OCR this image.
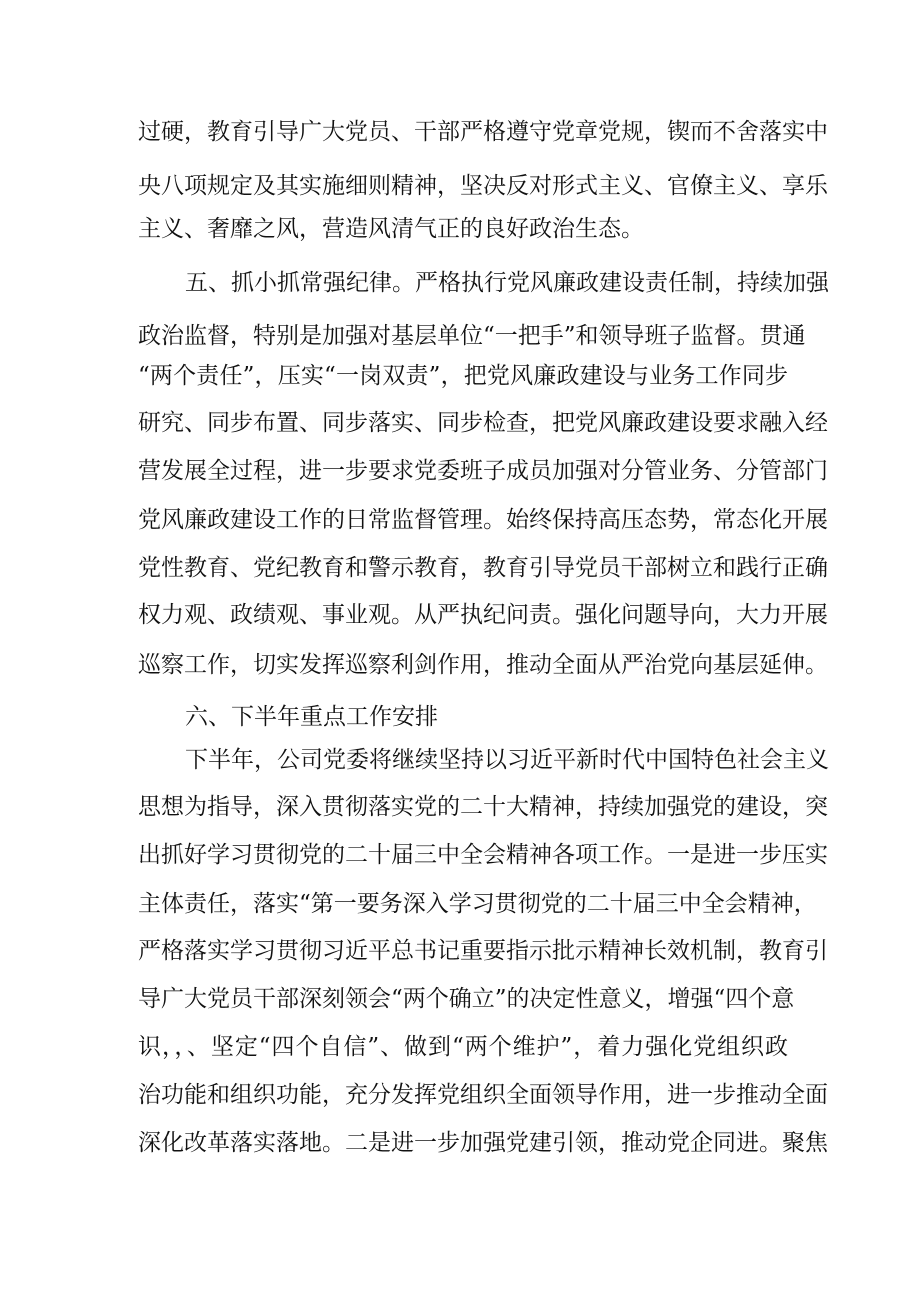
过硬，教育引导广大党员、干部严格遵守党章党规，锲而不舍落实中

央八项规定及其实施细则精神，坚决反对形式主义、官僚主义、享乐

主义、奢靡之风，营造风清气正的良好政治生态。

五、抓小抓常强纪律。严格执行党风廉政建设责任制，持续加强

政治监督，特别是加强对基层单位“一把手”和领导班子监督。贯通

“两个责任”，压实“一岗双责”，把党风廉政建设与业务工作同步

研究、同步布置、同步落实、同步检查，把党风廉政建设要求融入经

营发展全过程，进一步要求党委班子成员加强对分管业务、分管部门

党风廉政建设工作的日常监督管理。始终保持高压态势，常态化开展

党性教育、党纪教育和警示教育，教育引导党员干部树立和践行正确

权力观、政绩观、事业观。从严执纪问责。强化问题导向，大力开展

巡察工作，切实发挥巡察利剑作用，推动全面从严治党向基层延伸。

六、下半年重点工作安排

下半年，公司党委将继续坚持以习近平新时代中国特色社会主义

思想为指导，深入贯彻落实党的二十大精神，持续加强党的建设，突

出抓好学习贯彻党的二十届三中全会精神各项工作。一是进一步压实

主体责任，落实“第一要务深入学习贯彻党的二十届三中全会精神，

严格落实学习贯彻习近平总书记重要指示批示精神长效机制，教育引

导广大党员干部深刻领会“两个确立”的决定性意义，增强“四个意

识，，、坚定“四个自信”、做到“两个维护”，着力强化党组织政

治功能和组织功能，充分发挥党组织全面领导作用，进一步推动全面

深化改革落实落地。二是进一步加强党建引领，推动党企同进。聚焦
